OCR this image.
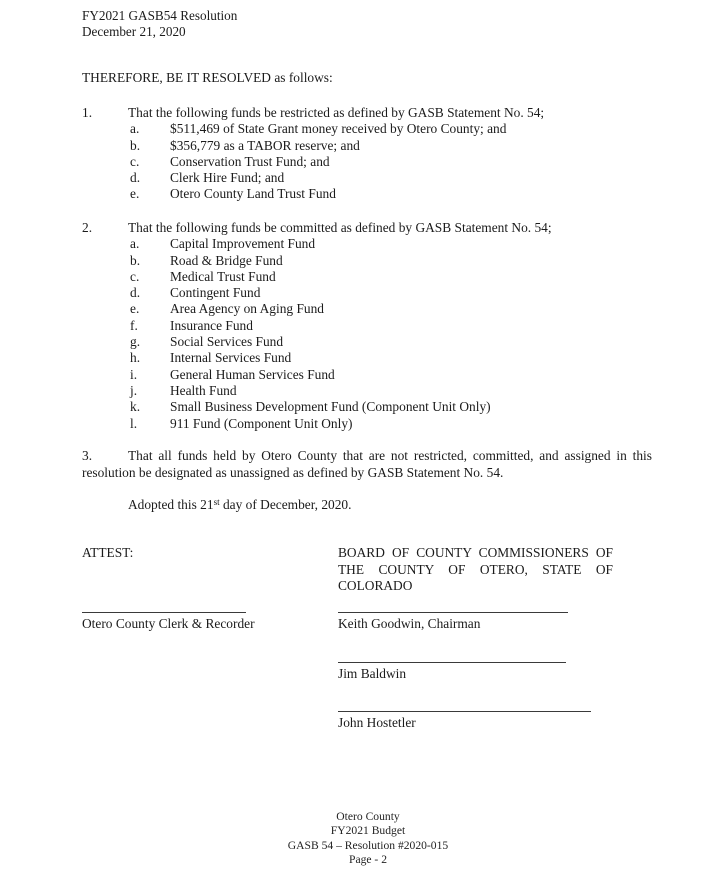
FY2021 GASB54 Resolution
December 21, 2020
THEREFORE, BE IT RESOLVED as follows:
1.	That the following funds be restricted as defined by GASB Statement No. 54;
a.	$511,469 of State Grant money received by Otero County; and
b.	$356,779 as a TABOR reserve; and
c.	Conservation Trust Fund; and
d.	Clerk Hire Fund; and
e.	Otero County Land Trust Fund
2.	That the following funds be committed as defined by GASB Statement No. 54;
a.	Capital Improvement Fund
b.	Road & Bridge Fund
c.	Medical Trust Fund
d.	Contingent Fund
e.	Area Agency on Aging Fund
f.	Insurance Fund
g.	Social Services Fund
h.	Internal Services Fund
i.	General Human Services Fund
j.	Health Fund
k.	Small Business Development Fund (Component Unit Only)
l.	911 Fund (Component Unit Only)
3.	That all funds held by Otero County that are not restricted, committed, and assigned in this resolution be designated as unassigned as defined by GASB Statement No. 54.
Adopted this 21st day of December, 2020.
ATTEST:	BOARD OF COUNTY COMMISSIONERS OF
THE COUNTY OF OTERO, STATE OF
COLORADO
Otero County Clerk & Recorder	Keith Goodwin, Chairman
Jim Baldwin
John Hostetler
Otero County
FY2021 Budget
GASB 54 – Resolution #2020-015
Page - 2
